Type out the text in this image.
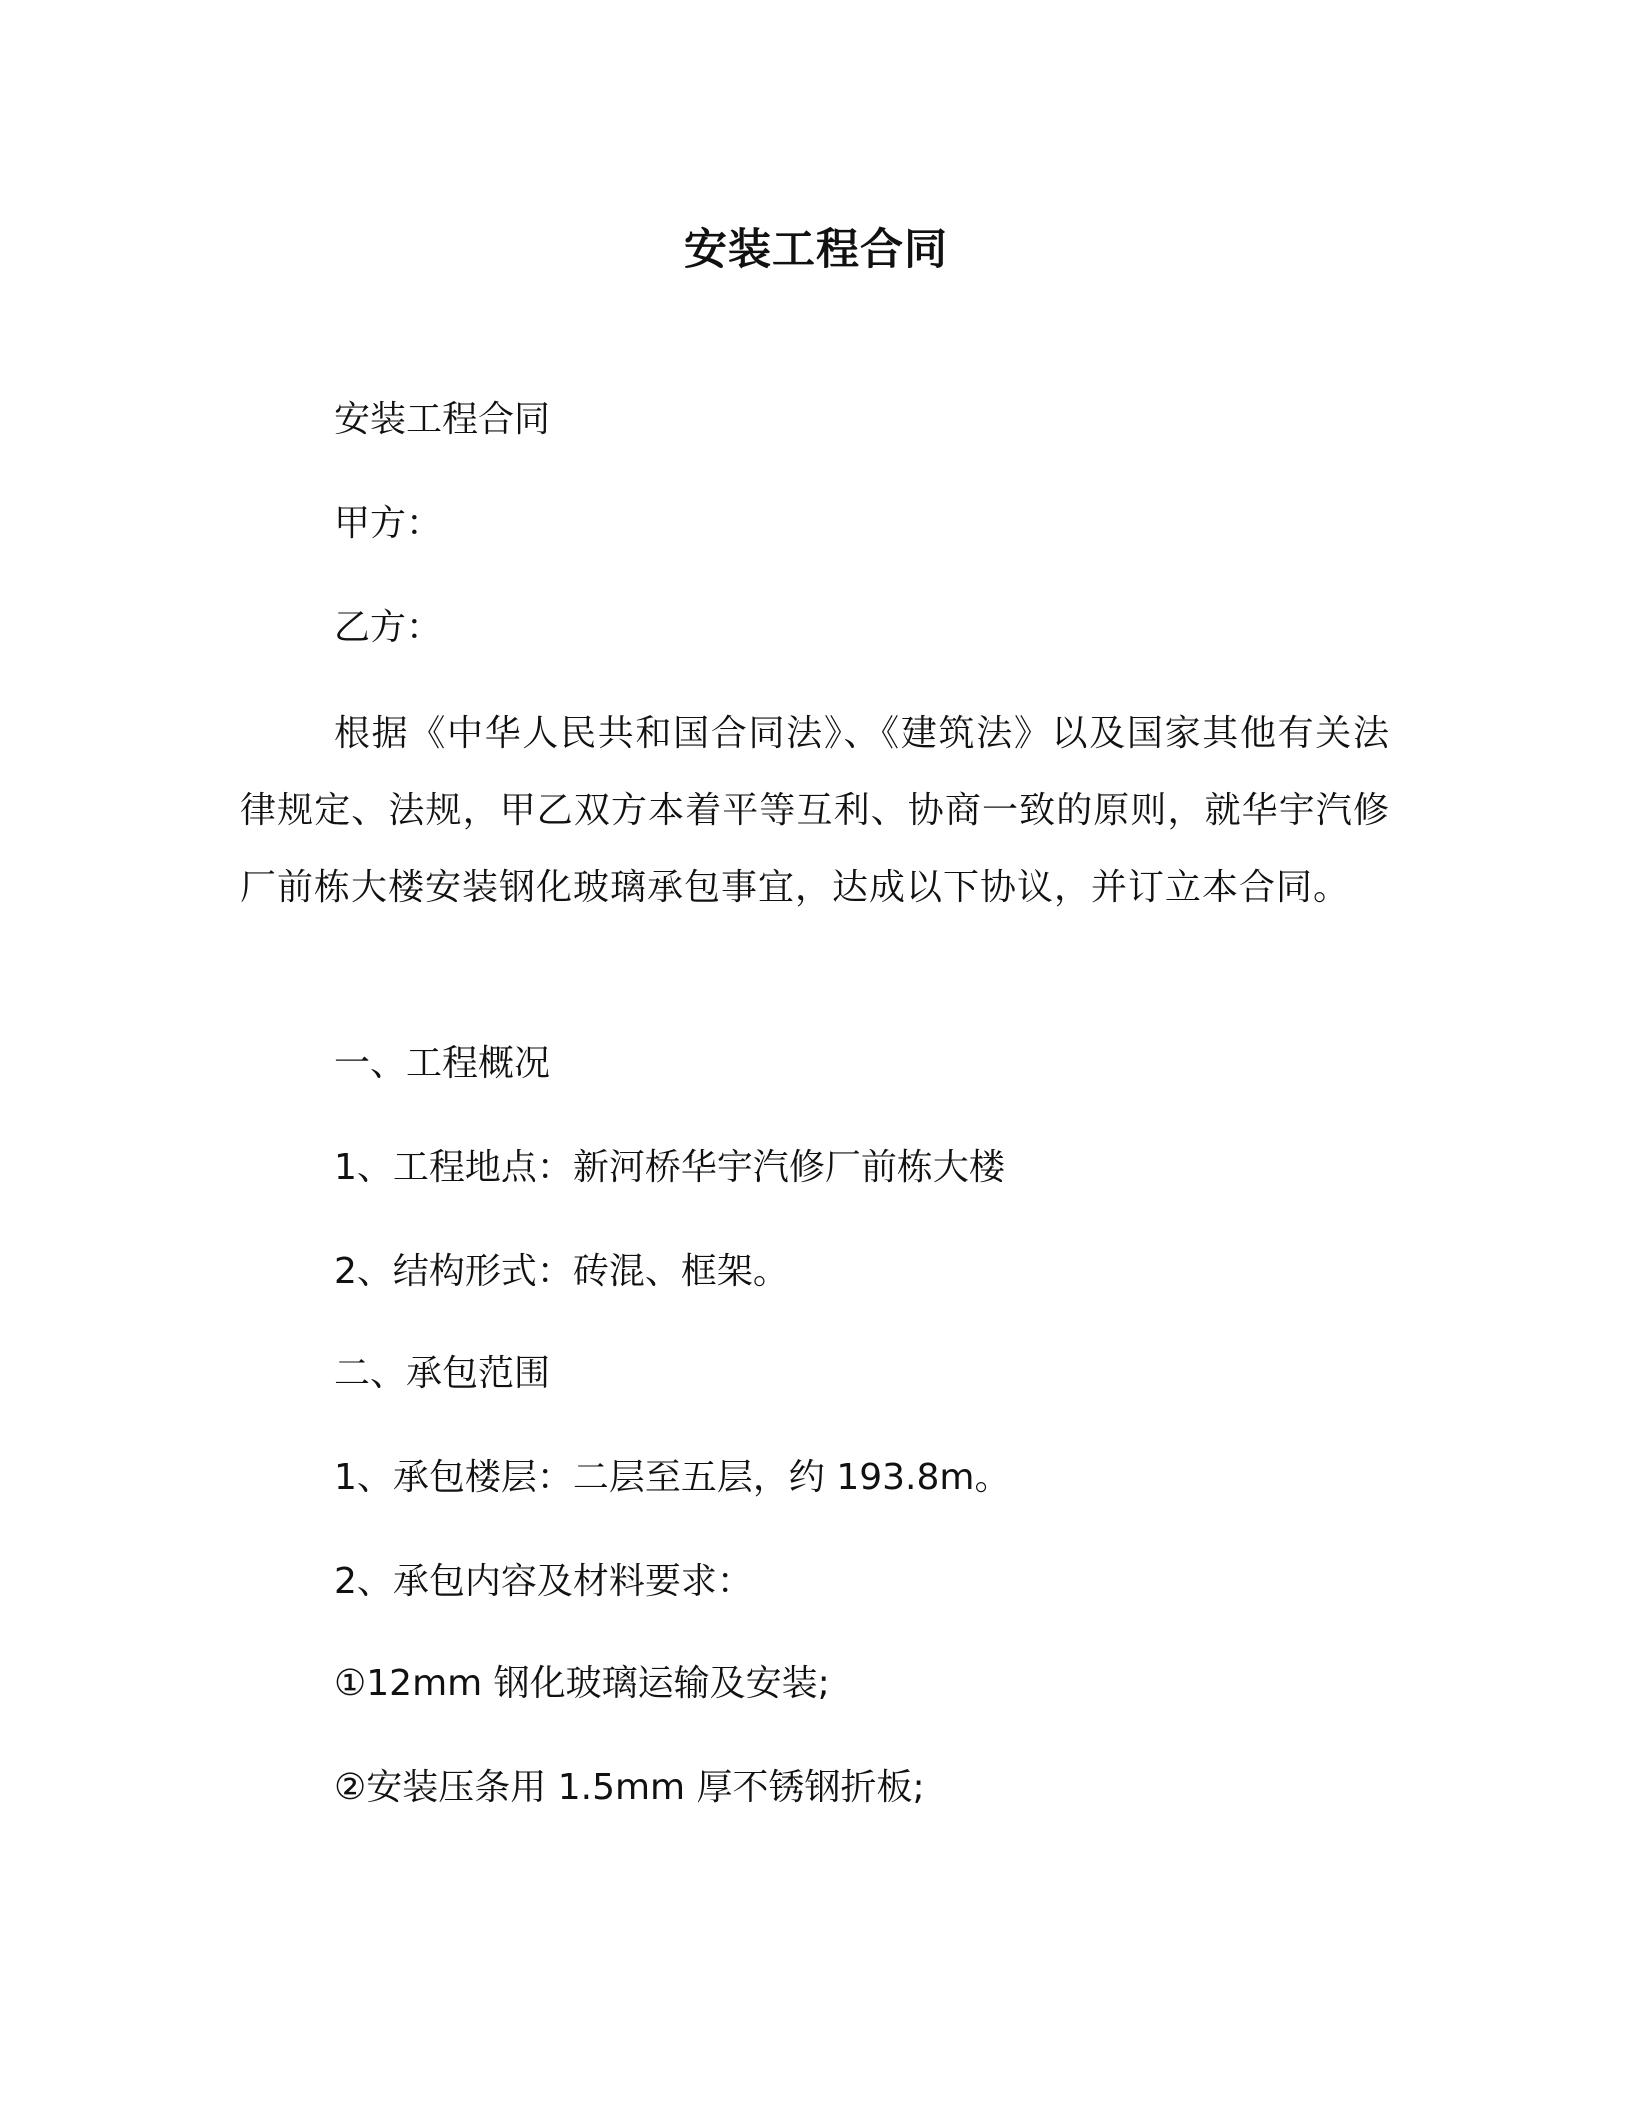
安装工程合同
安装工程合同
甲方：
乙方：
根据《中华人民共和国合同法》、《建筑法》以及国家其他有关法律规定、法规，甲乙双方本着平等互利、协商一致的原则，就华宇汽修厂前栋大楼安装钢化玻璃承包事宜，达成以下协议，并订立本合同。
一、工程概况
1、工程地点：新河桥华宇汽修厂前栋大楼
2、结构形式：砖混、框架。
二、承包范围
1、承包楼层：二层至五层，约 193.8m。
2、承包内容及材料要求：
①12mm 钢化玻璃运输及安装;
②安装压条用 1.5mm 厚不锈钢折板;
